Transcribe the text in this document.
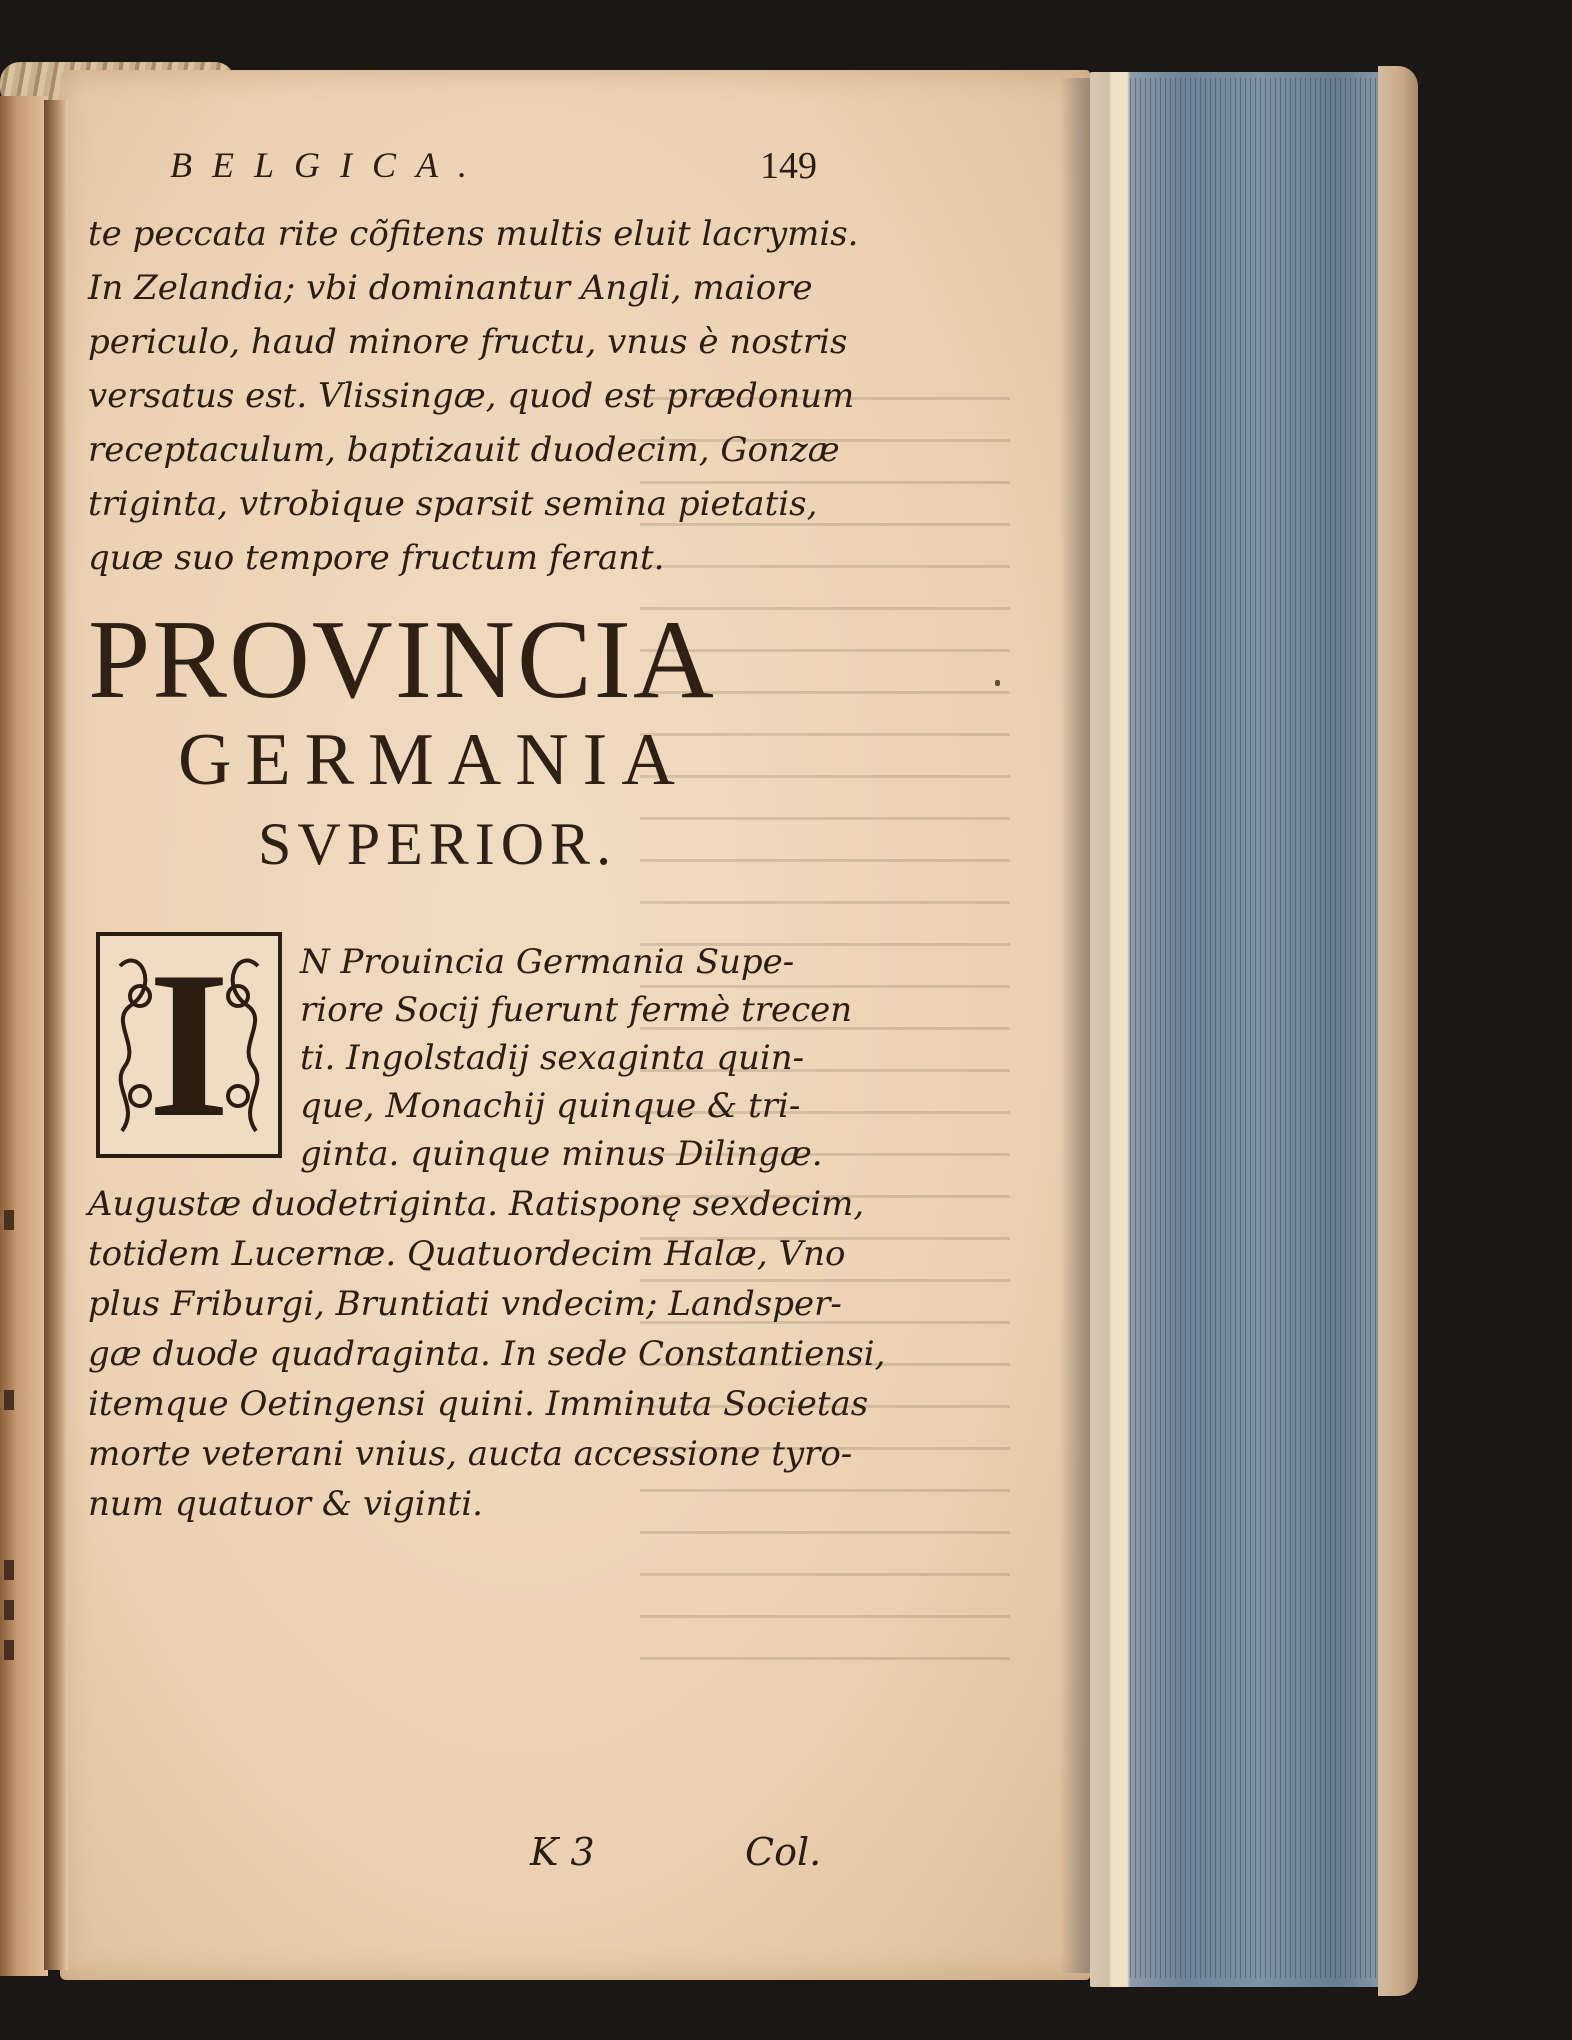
BELGICA.	149
te peccata rite cõfitens multis eluit lacrymis.
In Zelandia; vbi dominantur Angli, maiore
periculo, haud minore fructu, vnus è nostris
versatus est. Vlissingæ, quod est prædonum
receptaculum, baptizauit duodecim, Gonzæ
triginta, vtrobique sparsit semina pietatis,
quæ suo tempore fructum ferant.
PROVINCIA
GERMANIA
SVPERIOR.
I	N Prouincia Germania Supe-
riore Socij fuerunt fermè trecen
ti. Ingolstadij sexaginta quin-
que, Monachij quinque & tri-
ginta. quinque minus Dilingæ.
Augustæ duodetriginta. Ratisponę sexdecim,
totidem Lucernæ. Quatuordecim Halæ, Vno
plus Friburgi, Bruntiati vndecim; Landsper-
gæ duode quadraginta. In sede Constantiensi,
itemque Oetingensi quini. Imminuta Societas
morte veterani vnius, aucta accessione tyro-
num quatuor & viginti.
K 3	Col.
